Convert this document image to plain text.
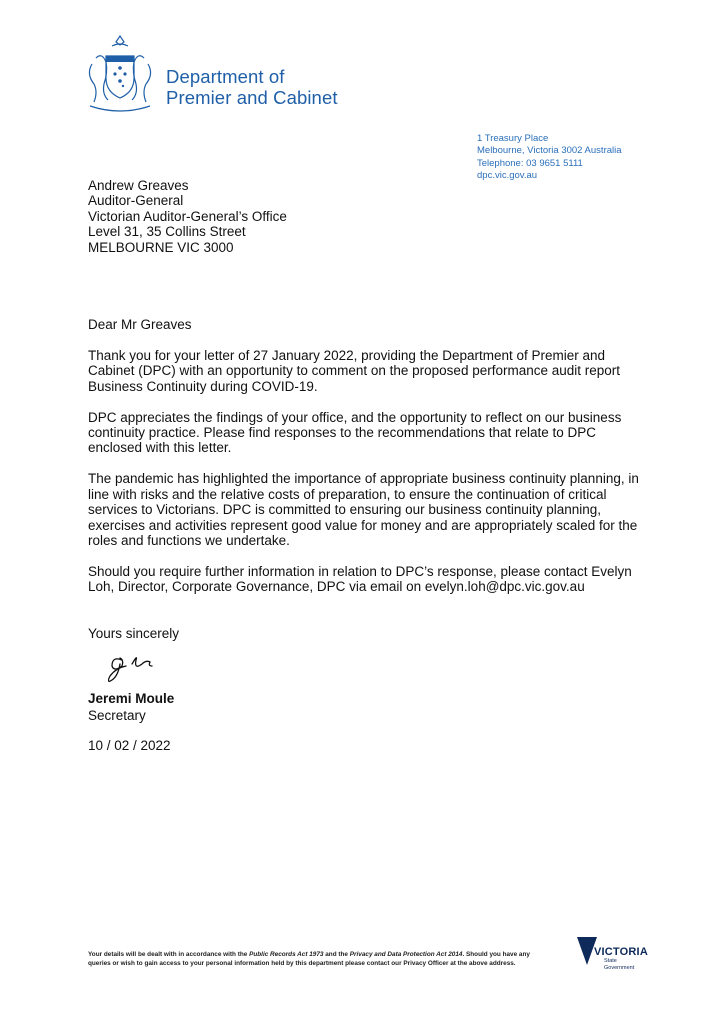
Department of
Premier and Cabinet
1 Treasury Place
Melbourne, Victoria 3002 Australia
Telephone: 03 9651 5111
dpc.vic.gov.au
Andrew Greaves
Auditor-General
Victorian Auditor-General’s Office
Level 31, 35 Collins Street
MELBOURNE VIC 3000

Dear Mr Greaves

Thank you for your letter of 27 January 2022, providing the Department of Premier and Cabinet (DPC) with an opportunity to comment on the proposed performance audit report Business Continuity during COVID-19.

DPC appreciates the findings of your office, and the opportunity to reflect on our business continuity practice. Please find responses to the recommendations that relate to DPC enclosed with this letter.

The pandemic has highlighted the importance of appropriate business continuity planning, in line with risks and the relative costs of preparation, to ensure the continuation of critical services to Victorians. DPC is committed to ensuring our business continuity planning, exercises and activities represent good value for money and are appropriately scaled for the roles and functions we undertake.

Should you require further information in relation to DPC’s response, please contact Evelyn Loh, Director, Corporate Governance, DPC via email on evelyn.loh@dpc.vic.gov.au

Yours sincerely
Jeremi Moule
Secretary
10 / 02 / 2022
Your details will be dealt with in accordance with the Public Records Act 1973 and the Privacy and Data Protection Act 2014. Should you have any queries or wish to gain access to your personal information held by this department please contact our Privacy Officer at the above address.
VICTORIA
State
Government
